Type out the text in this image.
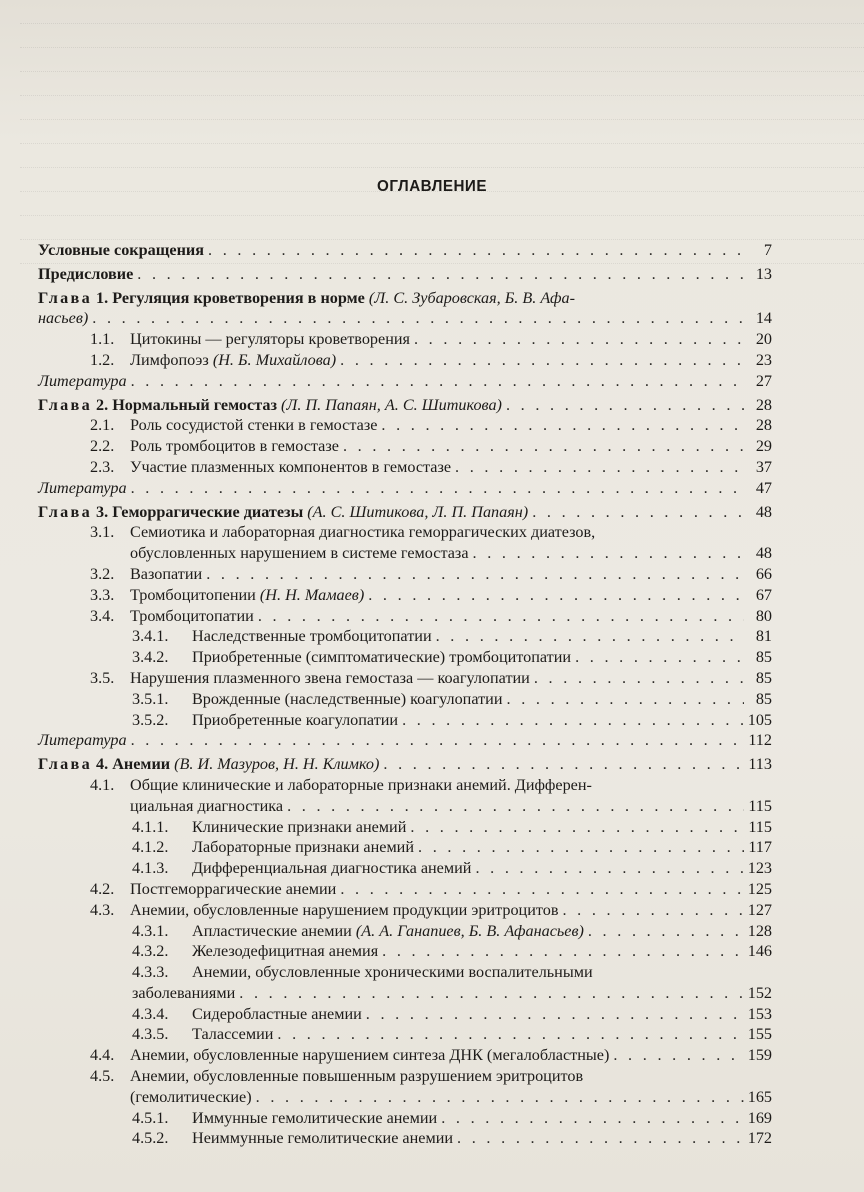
ОГЛАВЛЕНИЕ
Условные сокращения . . .	7
Предисловие . . .	13
Глава 1. Регуляция кроветворения в норме (Л. С. Зубаровская, Б. В. Афа-
насьев) . . .	14
1.1. Цитокины — регуляторы кроветворения . . .	20
1.2. Лимфопоэз (Н. Б. Михайлова) . . .	23
Литература . . .	27
Глава 2. Нормальный гемостаз (Л. П. Папаян, А. С. Шитикова) . . .	28
2.1. Роль сосудистой стенки в гемостазе . . .	28
2.2. Роль тромбоцитов в гемостазе . . .	29
2.3. Участие плазменных компонентов в гемостазе . . .	37
Литература . . .	47
Глава 3. Геморрагические диатезы (А. С. Шитикова, Л. П. Папаян) . . .	48
3.1. Семиотика и лабораторная диагностика геморрагических диатезов,
обусловленных нарушением в системе гемостаза . . .	48
3.2. Вазопатии . . .	66
3.3. Тромбоцитопении (Н. Н. Мамаев) . . .	67
3.4. Тромбоцитопатии . . .	80
3.4.1. Наследственные тромбоцитопатии . . .	81
3.4.2. Приобретенные (симптоматические) тромбоцитопатии . . .	85
3.5. Нарушения плазменного звена гемостаза — коагулопатии . . .	85
3.5.1. Врожденные (наследственные) коагулопатии . . .	85
3.5.2. Приобретенные коагулопатии . . .	105
Литература . . .	112
Глава 4. Анемии (В. И. Мазуров, Н. Н. Климко) . . .	113
4.1. Общие клинические и лабораторные признаки анемий. Дифферен-
циальная диагностика . . .	115
4.1.1. Клинические признаки анемий . . .	115
4.1.2. Лабораторные признаки анемий . . .	117
4.1.3. Дифференциальная диагностика анемий . . .	123
4.2. Постгеморрагические анемии . . .	125
4.3. Анемии, обусловленные нарушением продукции эритроцитов . . .	127
4.3.1. Апластические анемии (А. А. Ганапиев, Б. В. Афанасьев) . . .	128
4.3.2. Железодефицитная анемия . . .	146
4.3.3. Анемии, обусловленные хроническими воспалительными
заболеваниями . . .	152
4.3.4. Сидеробластные анемии . . .	153
4.3.5. Талассемии . . .	155
4.4. Анемии, обусловленные нарушением синтеза ДНК (мегалобластные) . . .	159
4.5. Анемии, обусловленные повышенным разрушением эритроцитов
(гемолитические) . . .	165
4.5.1. Иммунные гемолитические анемии . . .	169
4.5.2. Неиммунные гемолитические анемии . . .	172
